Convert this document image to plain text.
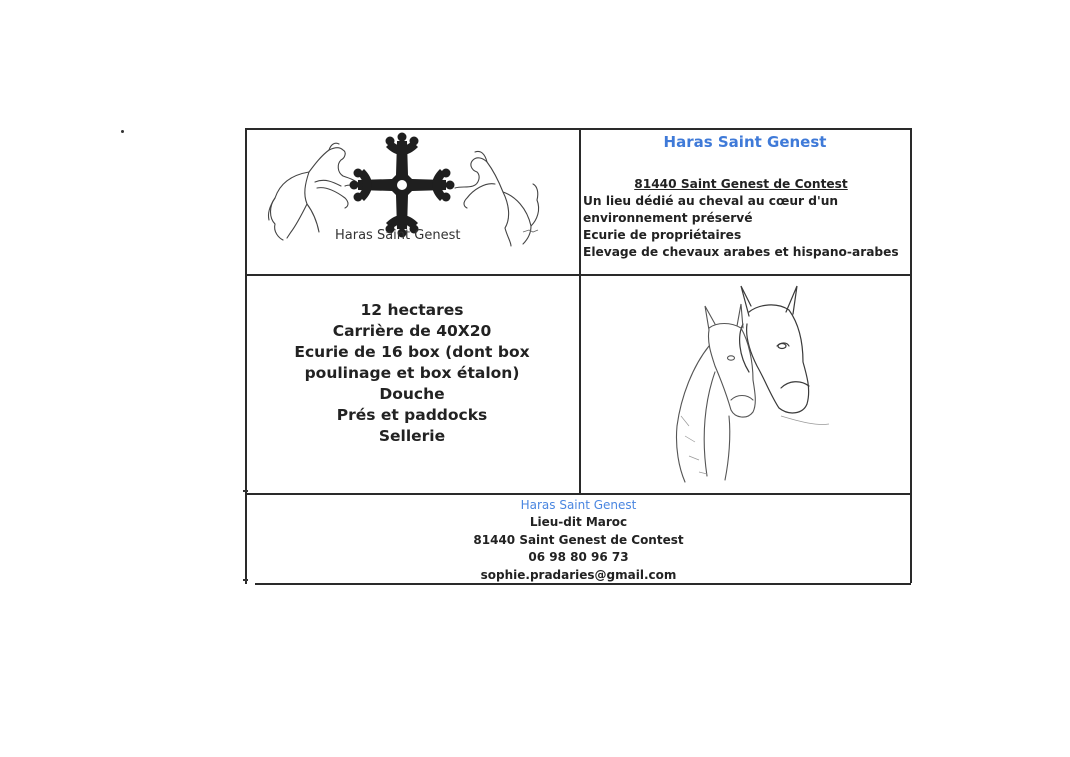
Haras Saint Genest
Haras Saint Genest
81440 Saint Genest de Contest
Un lieu dédié au cheval au cœur d'un environnement préservé
Ecurie de propriétaires
Elevage de chevaux arabes et hispano-arabes
12 hectares
Carrière de 40X20
Ecurie de 16 box (dont box poulinage et box étalon)
Douche
Prés et paddocks
Sellerie
Haras Saint Genest
Lieu-dit Maroc
81440 Saint Genest de Contest
06 98 80 96 73
sophie.pradaries@gmail.com
